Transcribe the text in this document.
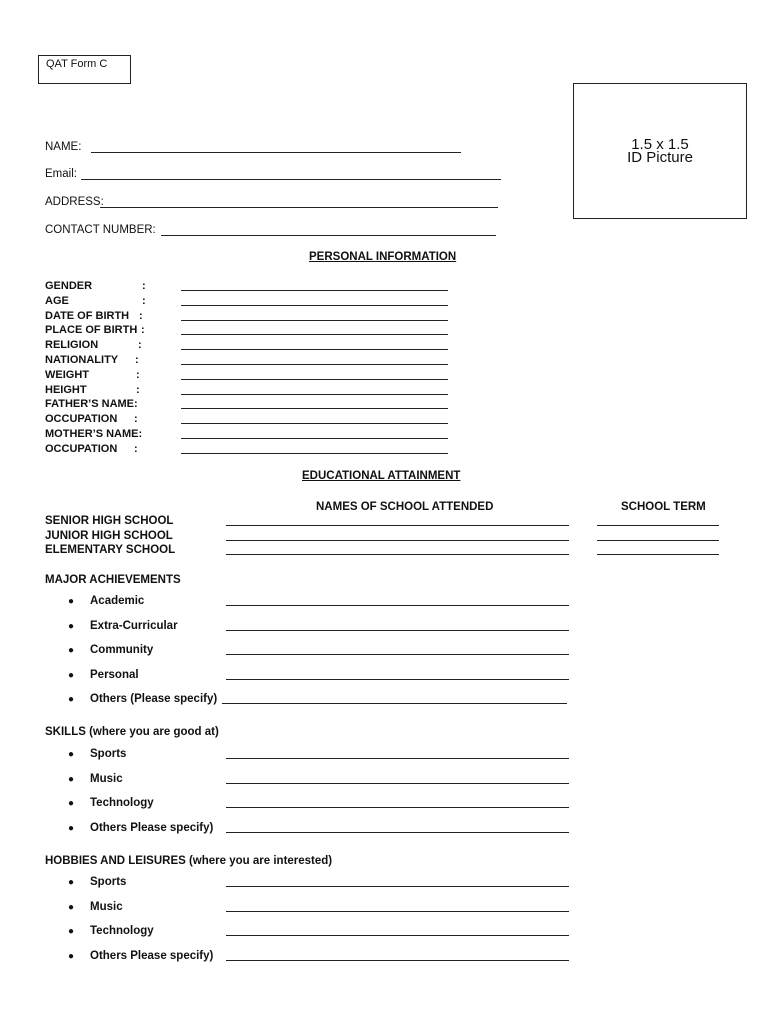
QAT Form C
1.5 x 1.5
ID Picture
NAME:
Email:
ADDRESS:
CONTACT NUMBER:
PERSONAL INFORMATION
GENDER	:
AGE	:
DATE OF BIRTH :
PLACE OF BIRTH :
RELIGION	:
NATIONALITY :
WEIGHT	:
HEIGHT	:
FATHER’S NAME:
OCCUPATION :
MOTHER’S NAME:
OCCUPATION :
EDUCATIONAL ATTAINMENT
NAMES OF SCHOOL ATTENDED	SCHOOL TERM
SENIOR HIGH SCHOOL
JUNIOR HIGH SCHOOL
ELEMENTARY SCHOOL
MAJOR ACHIEVEMENTS
● Academic
● Extra-Curricular
● Community
● Personal
● Others (Please specify)
SKILLS (where you are good at)
● Sports
● Music
● Technology
● Others Please specify)
HOBBIES AND LEISURES (where you are interested)
● Sports
● Music
● Technology
● Others Please specify)
